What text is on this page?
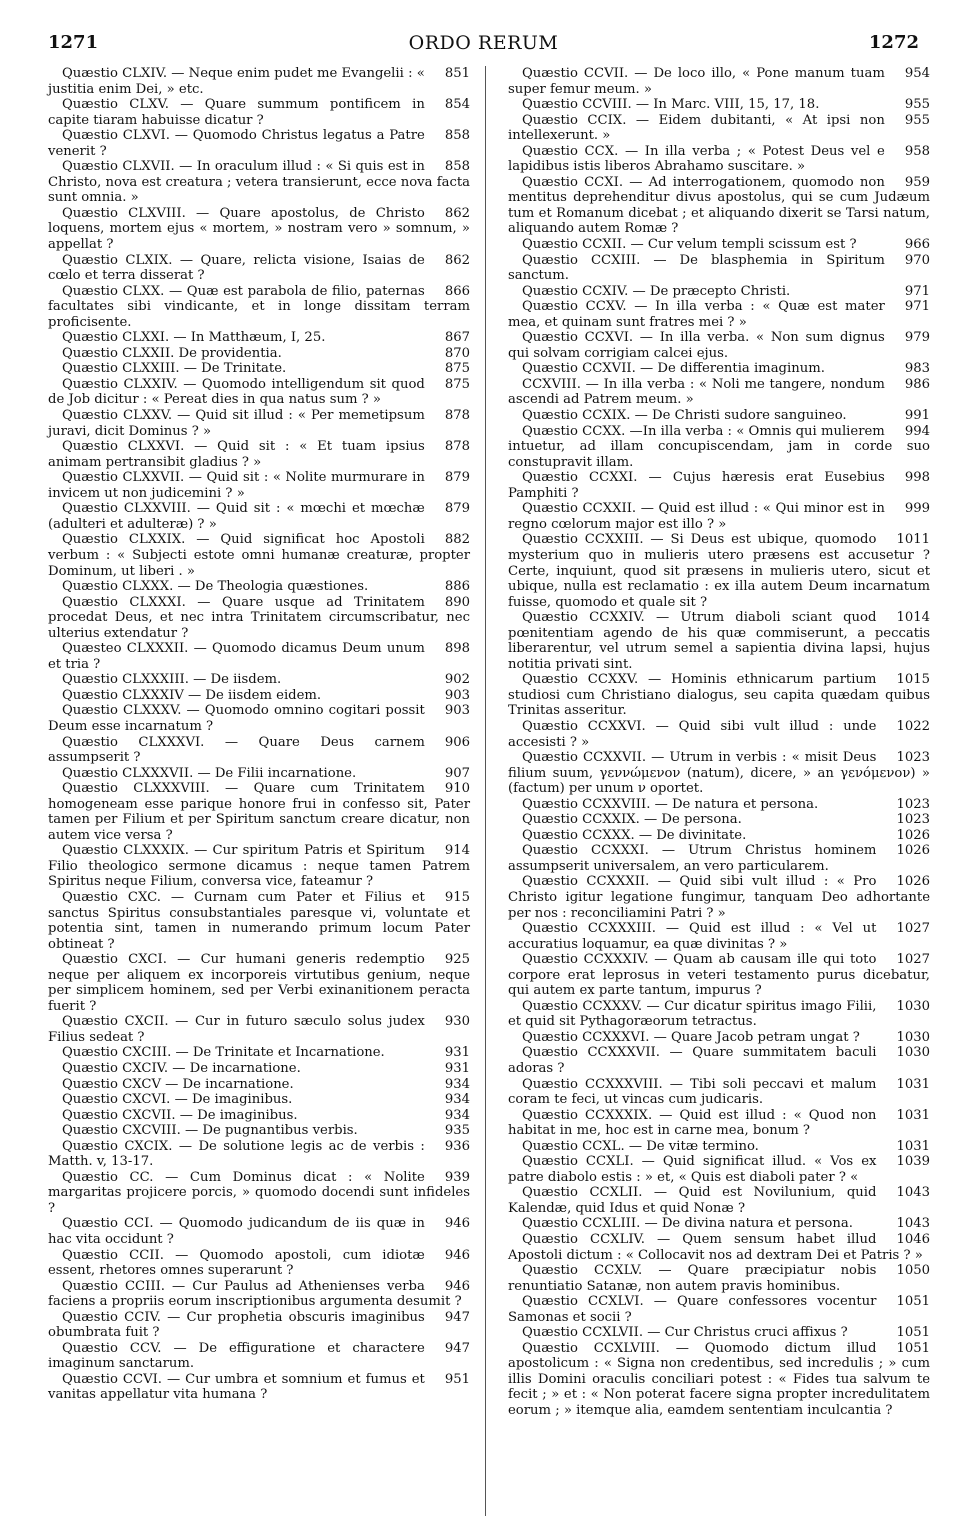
1271	ORDO RERUM	1272

851
Quæstio CLXIV. — Neque enim pudet me Evangelii : « justitia enim Dei, » etc.

854
Quæstio CLXV. — Quare summum pontificem in capite tiaram habuisse dicatur ?

858
Quæstio CLXVI. — Quomodo Christus legatus a Patre venerit ?

858
Quæstio CLXVII. — In oraculum illud : « Si quis est in Christo, nova est creatura ; vetera transierunt, ecce nova facta sunt omnia. »

862
Quæstio CLXVIII. — Quare apostolus, de Christo loquens, mortem ejus « mortem, » nostram vero » somnum, » appellat ?

862
Quæstio CLXIX. — Quare, relicta visione, Isaias de cœlo et terra disserat ?

866
Quæstio CLXX. — Quæ est parabola de filio, paternas facultates sibi vindicante, et in longe dissitam terram proficisente.

867
Quæstio CLXXI. — In Matthæum, I, 25.

870
Quæstio CLXXII. De providentia.

875
Quæstio CLXXIII. — De Trinitate.

875
Quæstio CLXXIV. — Quomodo intelligendum sit quod de Job dicitur : « Pereat dies in qua natus sum ? »

878
Quæstio CLXXV. — Quid sit illud : « Per memetipsum juravi, dicit Dominus ? »

878
Quæstio CLXXVI. — Quid sit : « Et tuam ipsius animam pertransibit gladius ? »

879
Quæstio CLXXVII. — Quid sit : « Nolite murmurare in invicem ut non judicemini ? »

879
Quæstio CLXXVIII. — Quid sit : « mœchi et mœchæ (adulteri et adulteræ) ? »

882
Quæstio CLXXIX. — Quid significat hoc Apostoli verbum : « Subjecti estote omni humanæ creaturæ, propter Dominum, ut liberi . »

886
Quæstio CLXXX. — De Theologia quæstiones.

890
Quæstio CLXXXI. — Quare usque ad Trinitatem procedat Deus, et nec intra Trinitatem circumscribatur, nec ulterius extendatur ?

898
Quæsteo CLXXXII. — Quomodo dicamus Deum unum et tria ?

902
Quæstio CLXXXIII. — De iisdem.

903
Quæstio CLXXXIV — De iisdem eidem.

903
Quæstio CLXXXV. — Quomodo omnino cogitari possit Deum esse incarnatum ?

906
Quæstio CLXXXVI. — Quare Deus carnem assumpserit ?

907
Quæstio CLXXXVII. — De Filii incarnatione.

910
Quæstio CLXXXVIII. — Quare cum Trinitatem homogeneam esse parique honore frui in confesso sit, Pater tamen per Filium et per Spiritum sanctum creare dicatur, non autem vice versa ?

914
Quæstio CLXXXIX. — Cur spiritum Patris et Spiritum Filio theologico sermone dicamus : neque tamen Patrem Spiritus neque Filium, conversa vice, fateamur ?

915
Quæstio CXC. — Curnam cum Pater et Filius et sanctus Spiritus consubstantiales paresque vi, voluntate et potentia sint, tamen in numerando primum locum Pater obtineat ?

925
Quæstio CXCI. — Cur humani generis redemptio neque per aliquem ex incorporeis virtutibus genium, neque per simplicem hominem, sed per Verbi exinanitionem peracta fuerit ?

930
Quæstio CXCII. — Cur in futuro sæculo solus judex Filius sedeat ?

931
Quæstio CXCIII. — De Trinitate et Incarnatione.

931
Quæstio CXCIV. — De incarnatione.

934
Quæstio CXCV — De incarnatione.

934
Quæstio CXCVI. — De imaginibus.

934
Quæstio CXCVII. — De imaginibus.

935
Quæstio CXCVIII. — De pugnantibus verbis.

936
Quæstio CXCIX. — De solutione legis ac de verbis : Matth. v, 13-17.

939
Quæstio CC. — Cum Dominus dicat : « Nolite margaritas projicere porcis, » quomodo docendi sunt infideles ?

946
Quæstio CCI. — Quomodo judicandum de iis quæ in hac vita occidunt ?

946
Quæstio CCII. — Quomodo apostoli, cum idiotæ essent, rhetores omnes superarunt ?

946
Quæstio CCIII. — Cur Paulus ad Athenienses verba faciens a propriis eorum inscriptionibus argumenta desumit ?

947
Quæstio CCIV. — Cur prophetia obscuris imaginibus obumbrata fuit ?

947
Quæstio CCV. — De effiguratione et charactere imaginum sanctarum.

951
Quæstio CCVI. — Cur umbra et somnium et fumus et vanitas appellatur vita humana ?

954
Quæstio CCVII. — De loco illo, « Pone manum tuam super femur meum. »

955
Quæstio CCVIII. — In Marc. VIII, 15, 17, 18.

955
Quæstio CCIX. — Eidem dubitanti, « At ipsi non intellexerunt. »

958
Quæstio CCX. — In illa verba ; « Potest Deus vel e lapidibus istis liberos Abrahamo suscitare. »

959
Quæstio CCXI. — Ad interrogationem, quomodo non mentitus deprehenditur divus apostolus, qui se cum Judæum tum et Romanum dicebat ; et aliquando dixerit se Tarsi natum, aliquando autem Romæ ?

966
Quæstio CCXII. — Cur velum templi scissum est ?

970
Quæstio CCXIII. — De blasphemia in Spiritum sanctum.

971
Quæstio CCXIV. — De præcepto Christi.

971
Quæstio CCXV. — In illa verba : « Quæ est mater mea, et quinam sunt fratres mei ? »

979
Quæstio CCXVI. — In illa verba. « Non sum dignus qui solvam corrigiam calcei ejus.

983
Quæstio CCXVII. — De differentia imaginum.

986
CCXVIII. — In illa verba : « Noli me tangere, nondum ascendi ad Patrem meum. »

991
Quæstio CCXIX. — De Christi sudore sanguineo.

994
Quæstio CCXX. —In illa verba : « Omnis qui mulierem intuetur, ad illam concupiscendam, jam in corde suo constupravit illam.

998
Quæstio CCXXI. — Cujus hæresis erat Eusebius Pamphiti ?

999
Quæstio CCXXII. — Quid est illud : « Qui minor est in regno cœlorum major est illo ? »

1011
Quæstio CCXXIII. — Si Deus est ubique, quomodo mysterium quo in mulieris utero præsens est accusetur ? Certe, inquiunt, quod sit præsens in mulieris utero, sicut et ubique, nulla est reclamatio : ex illa autem Deum incarnatum fuisse, quomodo et quale sit ?

1014
Quæstio CCXXIV. — Utrum diaboli sciant quod pœnitentiam agendo de his quæ commiserunt, a peccatis liberarentur, vel utrum semel a sapientia divina lapsi, hujus notitia privati sint.

1015
Quæstio CCXXV. — Hominis ethnicarum partium studiosi cum Christiano dialogus, seu capita quædam quibus Trinitas asseritur.

1022
Quæstio CCXXVI. — Quid sibi vult illud : unde accesisti ? »

1023
Quæstio CCXXVII. — Utrum in verbis : « misit Deus filium suum, γεννώμενον (natum), dicere, » an γενόμενον) » (factum) per unum ν oportet.

1023
Quæstio CCXXVIII. — De natura et persona.

1023
Quæstio CCXXIX. — De persona.

1026
Quæstio CCXXX. — De divinitate.

1026
Quæstio CCXXXI. — Utrum Christus hominem assumpserit universalem, an vero particularem.

1026
Quæstio CCXXXII. — Quid sibi vult illud : « Pro Christo igitur legatione fungimur, tanquam Deo adhortante per nos : reconciliamini Patri ? »

1027
Quæstio CCXXXIII. — Quid est illud : « Vel ut accuratius loquamur, ea quæ divinitas ? »

1027
Quæstio CCXXXIV. — Quam ab causam ille qui toto corpore erat leprosus in veteri testamento purus dicebatur, qui autem ex parte tantum, impurus ?

1030
Quæstio CCXXXV. — Cur dicatur spiritus imago Filii, et quid sit Pythagoræorum tetractus.

1030
Quæstio CCXXXVI. — Quare Jacob petram ungat ?

1030
Quæstio CCXXXVII. — Quare summitatem baculi adoras ?

1031
Quæstio CCXXXVIII. — Tibi soli peccavi et malum coram te feci, ut vincas cum judicaris.

1031
Quæstio CCXXXIX. — Quid est illud : « Quod non habitat in me, hoc est in carne mea, bonum ?

1031
Quæstio CCXL. — De vitæ termino.

1039
Quæstio CCXLI. — Quid significat illud. « Vos ex patre diabolo estis : » et, « Quis est diaboli pater ? «

1043
Quæstio CCXLII. — Quid est Novilunium, quid Kalendæ, quid Idus et quid Nonæ ?

1043
Quæstio CCXLIII. — De divina natura et persona.

1046
Quæstio CCXLIV. — Quem sensum habet illud Apostoli dictum : « Collocavit nos ad dextram Dei et Patris ? »

1050
Quæstio CCXLV. — Quare præcipiatur nobis renuntiatio Satanæ, non autem pravis hominibus.

1051
Quæstio CCXLVI. — Quare confessores vocentur Samonas et socii ?

1051
Quæstio CCXLVII. — Cur Christus cruci affixus ?

1051
Quæstio CCXLVIII. — Quomodo dictum illud apostolicum : « Signa non credentibus, sed incredulis ; » cum illis Domini oraculis conciliari potest : « Fides tua salvum te fecit ; » et : « Non poterat facere signa propter incredulitatem eorum ; » itemque alia, eamdem sententiam inculcantia ?
